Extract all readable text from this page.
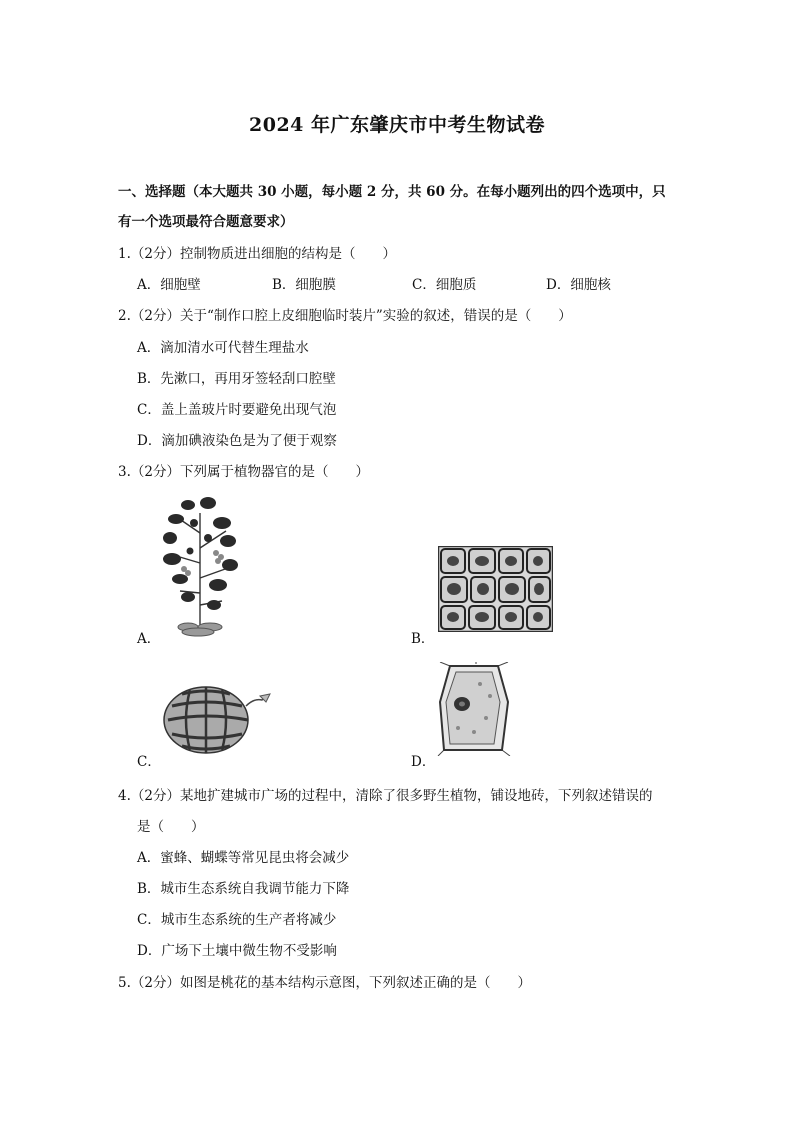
2024 年广东肇庆市中考生物试卷
一、选择题（本大题共 30 小题，每小题 2 分，共 60 分。在每小题列出的四个选项中，只
有一个选项最符合题意要求）
1.（2分）控制物质进出细胞的结构是（　　）
A．细胞壁	B．细胞膜	C．细胞质	D．细胞核
2.（2分）关于“制作口腔上皮细胞临时装片”实验的叙述，错误的是（　　）
A．滴加清水可代替生理盐水
B．先漱口，再用牙签轻刮口腔壁
C．盖上盖玻片时要避免出现气泡
D．滴加碘液染色是为了便于观察
3.（2分）下列属于植物器官的是（　　）
A．	B．
C．	D．
4.（2分）某地扩建城市广场的过程中，清除了很多野生植物，铺设地砖，下列叙述错误的
是（　　）
A．蜜蜂、蝴蝶等常见昆虫将会减少
B．城市生态系统自我调节能力下降
C．城市生态系统的生产者将减少
D．广场下土壤中微生物不受影响
5.（2分）如图是桃花的基本结构示意图，下列叙述正确的是（　　）
